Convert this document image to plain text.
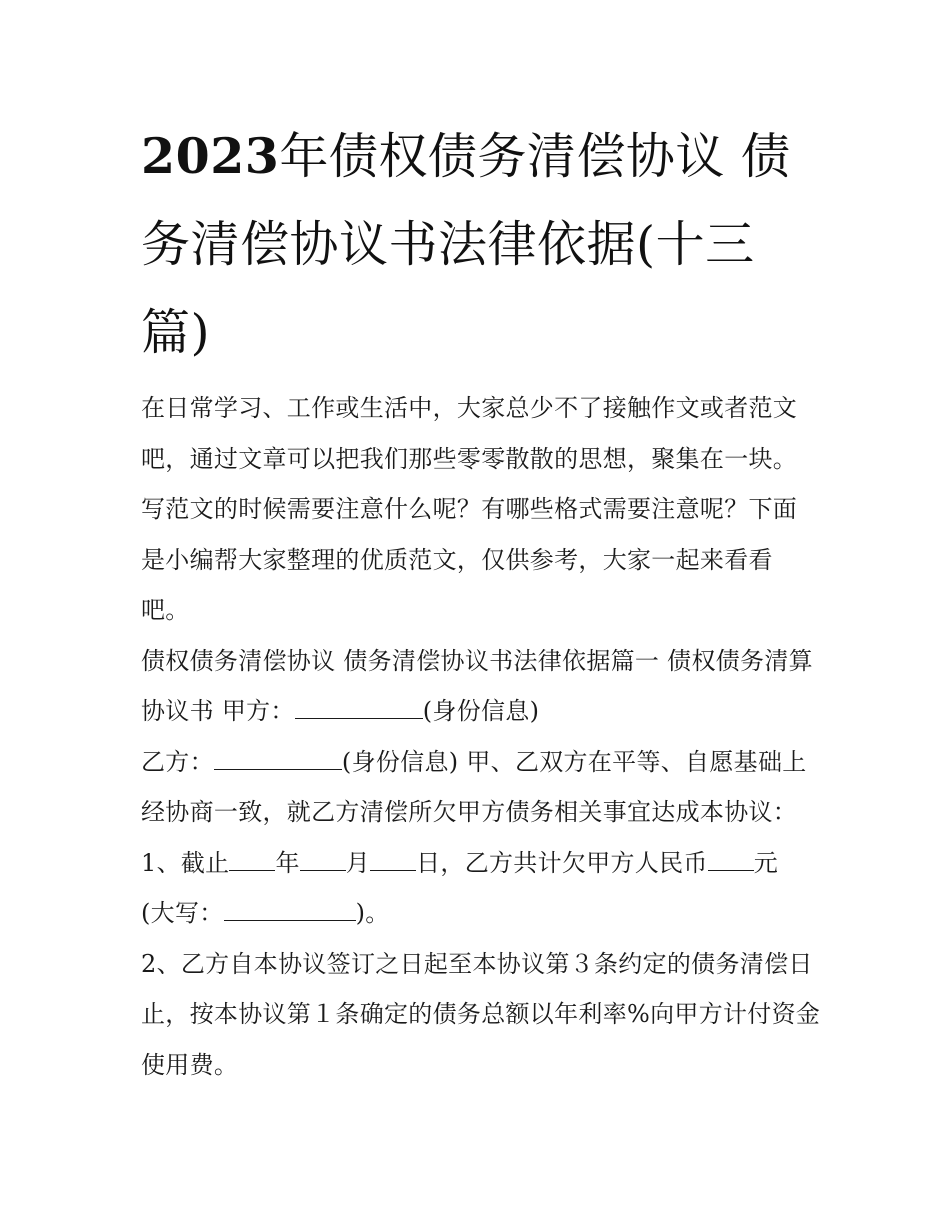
2023年债权债务清偿协议 债务清偿协议书法律依据(十三篇)

在日常学习、工作或生活中，大家总少不了接触作文或者范文吧，通过文章可以把我们那些零零散散的思想，聚集在一块。写范文的时候需要注意什么呢？有哪些格式需要注意呢？下面是小编帮大家整理的优质范文，仅供参考，大家一起来看看吧。

债权债务清偿协议 债务清偿协议书法律依据篇一 债权债务清算协议书 甲方：	(身份信息)

乙方：	(身份信息) 甲、乙双方在平等、自愿基础上经协商一致，就乙方清偿所欠甲方债务相关事宜达成本协议：

1、截止 年 月 日，乙方共计欠甲方人民币 元
(大写：	)。

2、乙方自本协议签订之日起至本协议第３条约定的债务清偿日止，按本协议第１条确定的债务总额以年利率%向甲方计付资金使用费。
